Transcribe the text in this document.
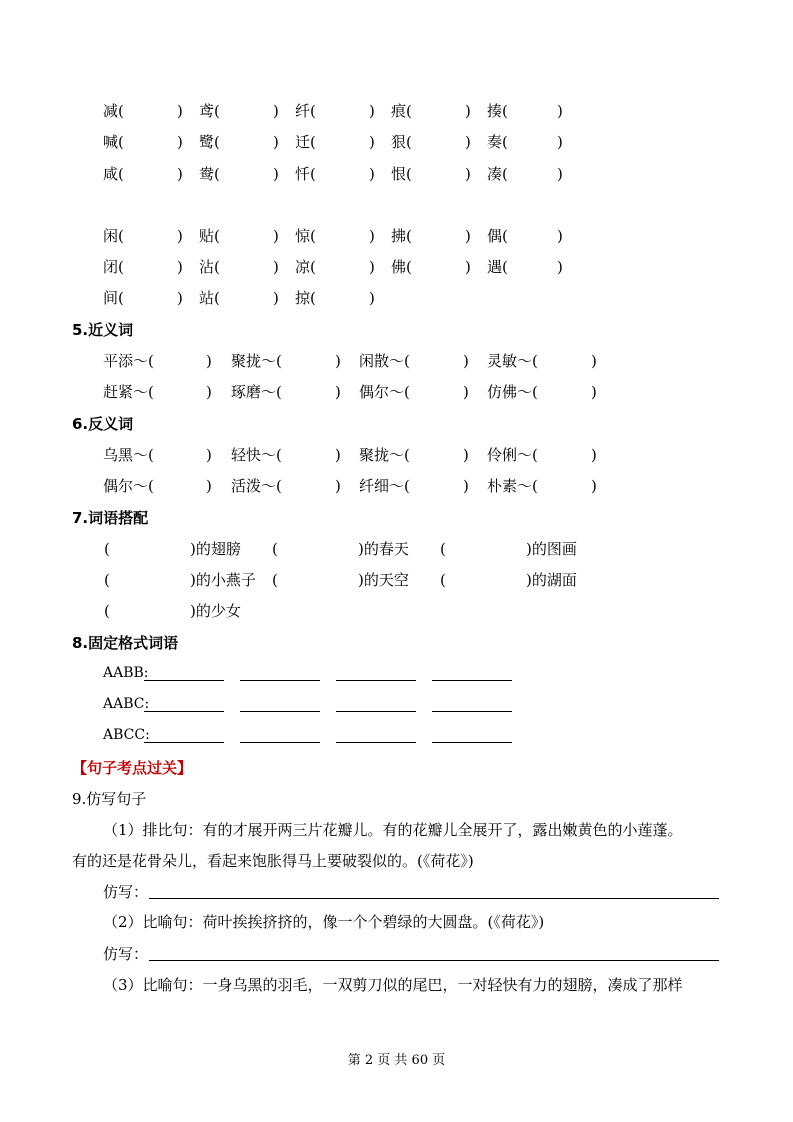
减(	) 鸢(	) 纤(	) 痕(	) 揍(	)
喊(	) 鹭(	) 迁(	) 狠(	) 奏(	)
咸(	) 鸯(	) 忏(	) 恨(	) 凑(	)
闲(	) 贴(	) 惊(	) 拂(	) 偶(	)
闭(	) 沾(	) 凉(	) 佛(	) 遇(	)
间(	) 站(	) 掠(	)
5.近义词
平添～(	) 聚拢～(	) 闲散～(	) 灵敏～(	)
赶紧～(	) 琢磨～(	) 偶尔～(	) 仿佛～(	)
6.反义词
乌黑～(	) 轻快～(	) 聚拢～(	) 伶俐～(	)
偶尔～(	) 活泼～(	) 纤细～(	) 朴素～(	)
7.词语搭配
(	)的翅膀 (	)的春天 (	)的图画
(	)的小燕子 (	)的天空 (	)的湖面
(	)的少女
8.固定格式词语
AABB:
AABC:
ABCC:
【句子考点过关】
9.仿写句子
（1）排比句：有的才展开两三片花瓣儿。有的花瓣儿全展开了，露出嫩黄色的小莲蓬。
有的还是花骨朵儿，看起来饱胀得马上要破裂似的。(《荷花》)
仿写：
（2）比喻句：荷叶挨挨挤挤的，像一个个碧绿的大圆盘。(《荷花》)
仿写：
（3）比喻句：一身乌黑的羽毛，一双剪刀似的尾巴，一对轻快有力的翅膀，凑成了那样
第 2 页 共 60 页
